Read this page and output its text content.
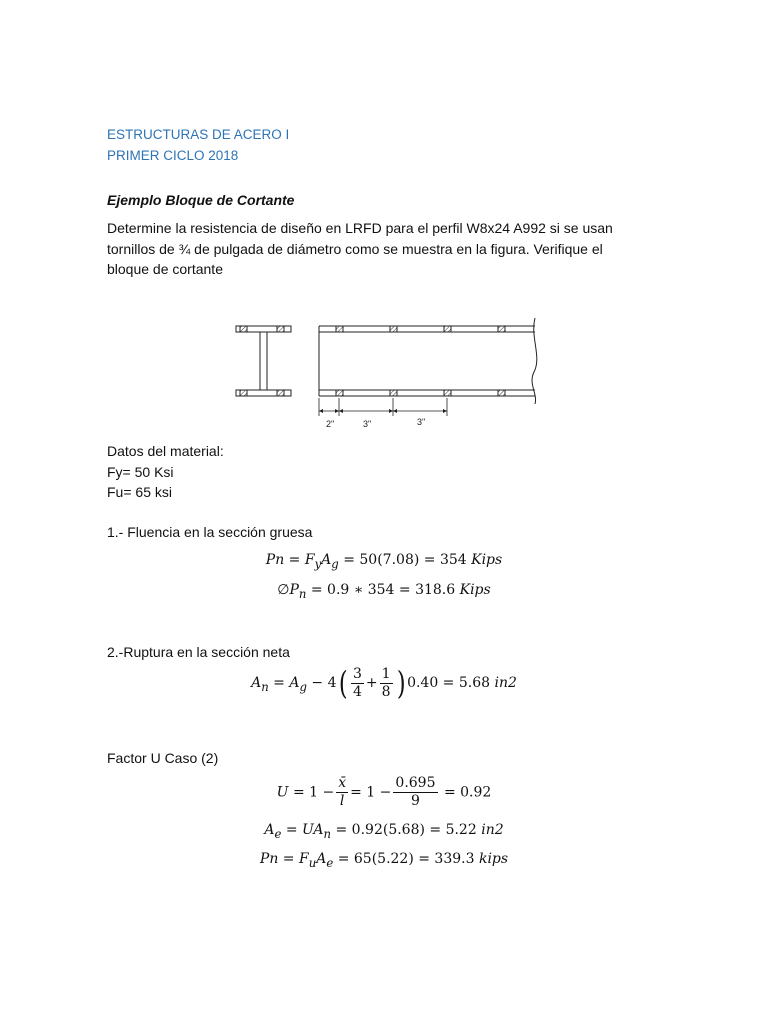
ESTRUCTURAS DE ACERO I
PRIMER CICLO 2018
Ejemplo Bloque de Cortante
Determine la resistencia de diseño en LRFD para el perfil W8x24 A992 si se usan
tornillos de ¾ de pulgada de diámetro como se muestra en la figura. Verifique el
bloque de cortante
2"	3"	3"
Datos del material:
Fy= 50 Ksi
Fu= 65 ksi
1.- Fluencia en la sección gruesa
$Pn = F_yA_g = 50(7.08) = 354$ Kips
$\emptyset P_n = 0.9$ ∗ 354 = 318.6 Kips
2.-Ruptura en la sección neta
$A_n = A_g - 4( \frac{3}{4} + \frac{1}{8}$ ) 0.40 = 5.68 in2
Factor U Caso (2)
$U = 1 - \frac{x̄}{l} = 1 - \frac{0.695}{9} = 0.92$
$A_e = UA_n = 0.92(5.68) = 5.22$ in2
$Pn = F_uA_e = 65(5.22) = 339.3$ kips
